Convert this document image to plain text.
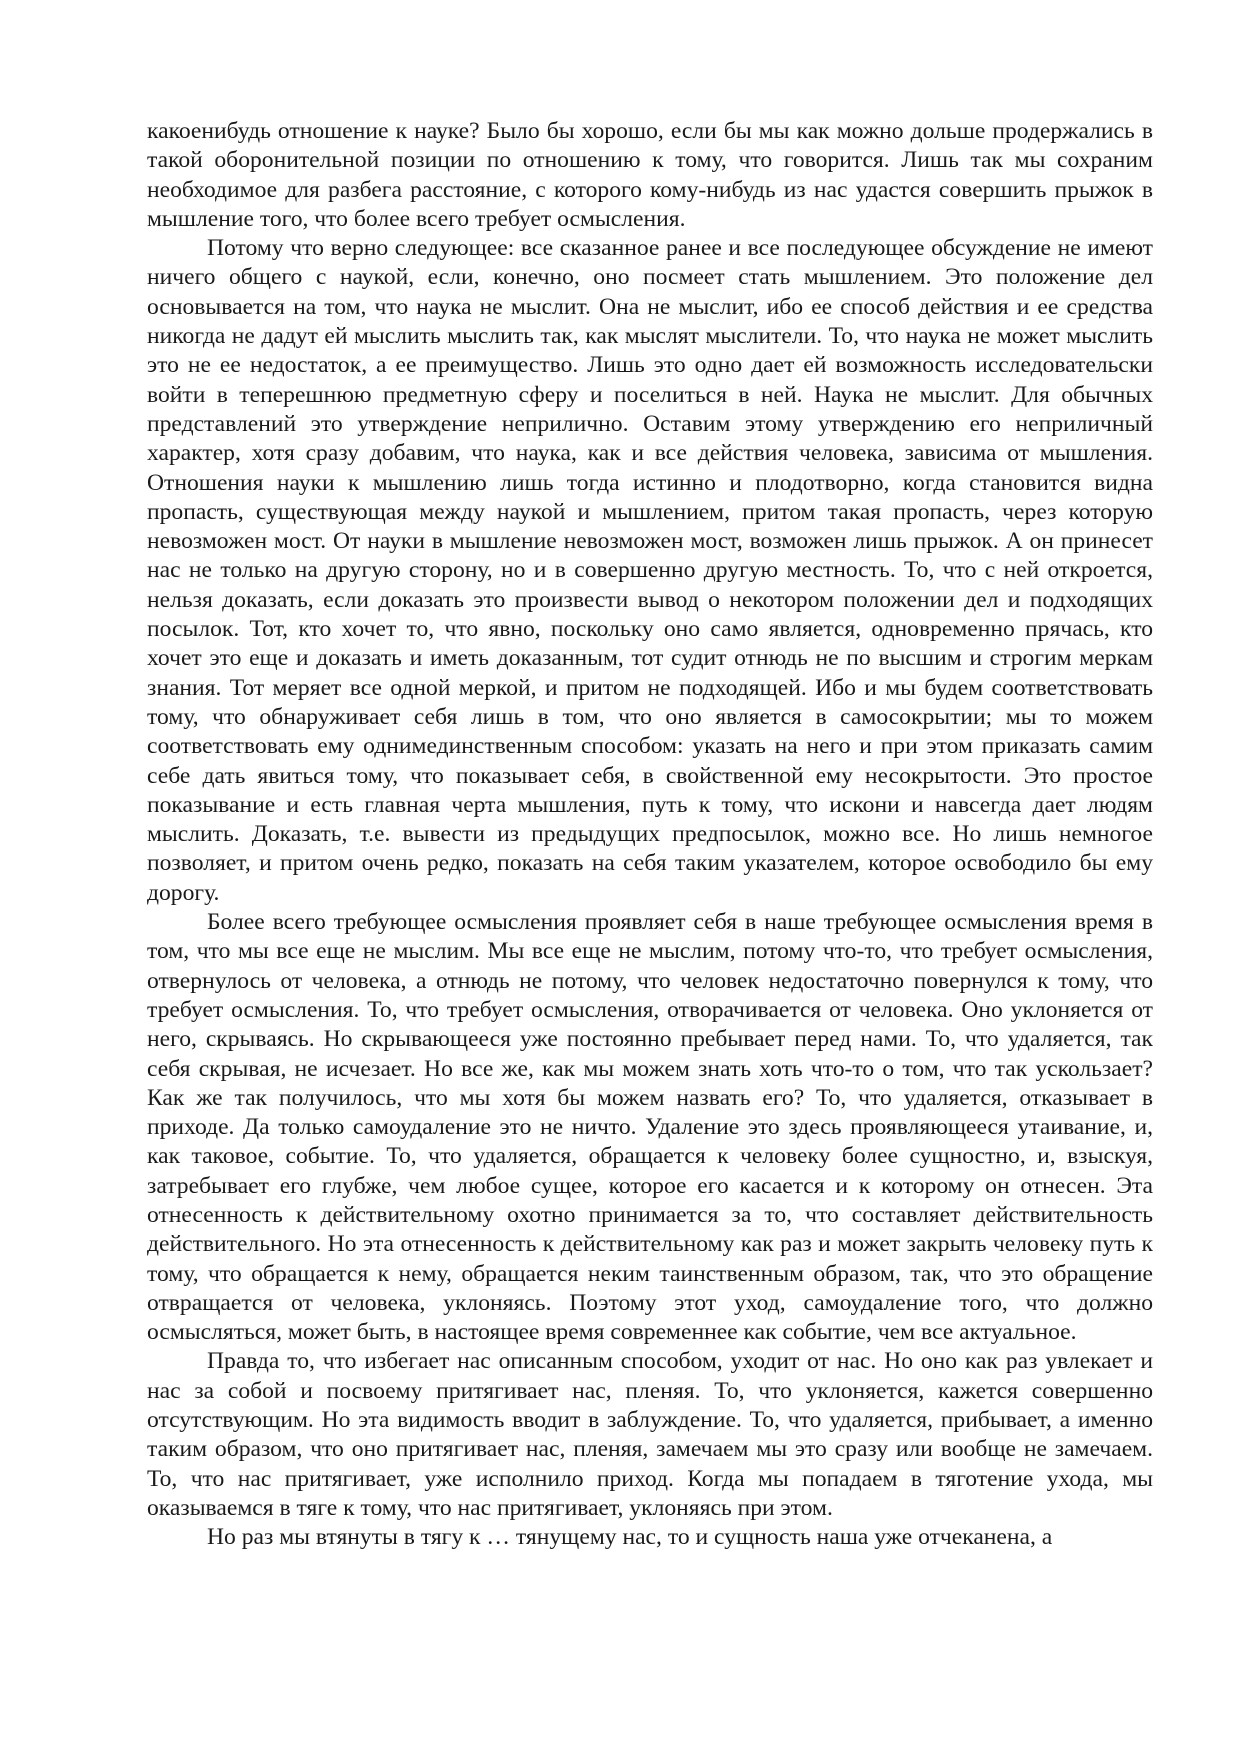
какоенибудь отношение к науке? Было бы хорошо, если бы мы как можно дольше продержались в такой оборонительной позиции по отношению к тому, что говорится. Лишь так мы сохраним необходимое для разбега расстояние, с которого кому-нибудь из нас удастся совершить прыжок в мышление того, что более всего требует осмысления.

Потому что верно следующее: все сказанное ранее и все последующее обсуждение не имеют ничего общего с наукой, если, конечно, оно посмеет стать мышлением. Это положение дел основывается на том, что наука не мыслит. Она не мыслит, ибо ее способ действия и ее средства никогда не дадут ей мыслить мыслить так, как мыслят мыслители. То, что наука не может мыслить это не ее недостаток, а ее преимущество. Лишь это одно дает ей возможность исследовательски войти в теперешнюю предметную сферу и поселиться в ней. Наука не мыслит. Для обычных представлений это утверждение неприлично. Оставим этому утверждению его неприличный характер, хотя сразу добавим, что наука, как и все действия человека, зависима от мышления. Отношения науки к мышлению лишь тогда истинно и плодотворно, когда становится видна пропасть, существующая между наукой и мышлением, притом такая пропасть, через которую невозможен мост. От науки в мышление невозможен мост, возможен лишь прыжок. А он принесет нас не только на другую сторону, но и в совершенно другую местность. То, что с ней откроется, нельзя доказать, если доказать это произвести вывод о некотором положении дел и подходящих посылок. Тот, кто хочет то, что явно, поскольку оно само является, одновременно прячась, кто хочет это еще и доказать и иметь доказанным, тот судит отнюдь не по высшим и строгим меркам знания. Тот меряет все одной меркой, и притом не подходящей. Ибо и мы будем соответствовать тому, что обнаруживает себя лишь в том, что оно является в самосокрытии; мы то можем соответствовать ему однимединственным способом: указать на него и при этом приказать самим себе дать явиться тому, что показывает себя, в свойственной ему несокрытости. Это простое показывание и есть главная черта мышления, путь к тому, что искони и навсегда дает людям мыслить. Доказать, т.е. вывести из предыдущих предпосылок, можно все. Но лишь немногое позволяет, и притом очень редко, показать на себя таким указателем, которое освободило бы ему дорогу.

Более всего требующее осмысления проявляет себя в наше требующее осмысления время в том, что мы все еще не мыслим. Мы все еще не мыслим, потому что-то, что требует осмысления, отвернулось от человека, а отнюдь не потому, что человек недостаточно повернулся к тому, что требует осмысления. То, что требует осмысления, отворачивается от человека. Оно уклоняется от него, скрываясь. Но скрывающееся уже постоянно пребывает перед нами. То, что удаляется, так себя скрывая, не исчезает. Но все же, как мы можем знать хоть что-то о том, что так ускользает? Как же так получилось, что мы хотя бы можем назвать его? То, что удаляется, отказывает в приходе. Да только самоудаление это не ничто. Удаление это здесь проявляющееся утаивание, и, как таковое, событие. То, что удаляется, обращается к человеку более сущностно, и, взыскуя, затребывает его глубже, чем любое сущее, которое его касается и к которому он отнесен. Эта отнесенность к действительному охотно принимается за то, что составляет действительность действительного. Но эта отнесенность к действительному как раз и может закрыть человеку путь к тому, что обращается к нему, обращается неким таинственным образом, так, что это обращение отвращается от человека, уклоняясь. Поэтому этот уход, самоудаление того, что должно осмысляться, может быть, в настоящее время современнее как событие, чем все актуальное.

Правда то, что избегает нас описанным способом, уходит от нас. Но оно как раз увлекает и нас за собой и посвоему притягивает нас, пленяя. То, что уклоняется, кажется совершенно отсутствующим. Но эта видимость вводит в заблуждение. То, что удаляется, прибывает, а именно таким образом, что оно притягивает нас, пленяя, замечаем мы это сразу или вообще не замечаем. То, что нас притягивает, уже исполнило приход. Когда мы попадаем в тяготение ухода, мы оказываемся в тяге к тому, что нас притягивает, уклоняясь при этом.

Но раз мы втянуты в тягу к … тянущему нас, то и сущность наша уже отчеканена, а
